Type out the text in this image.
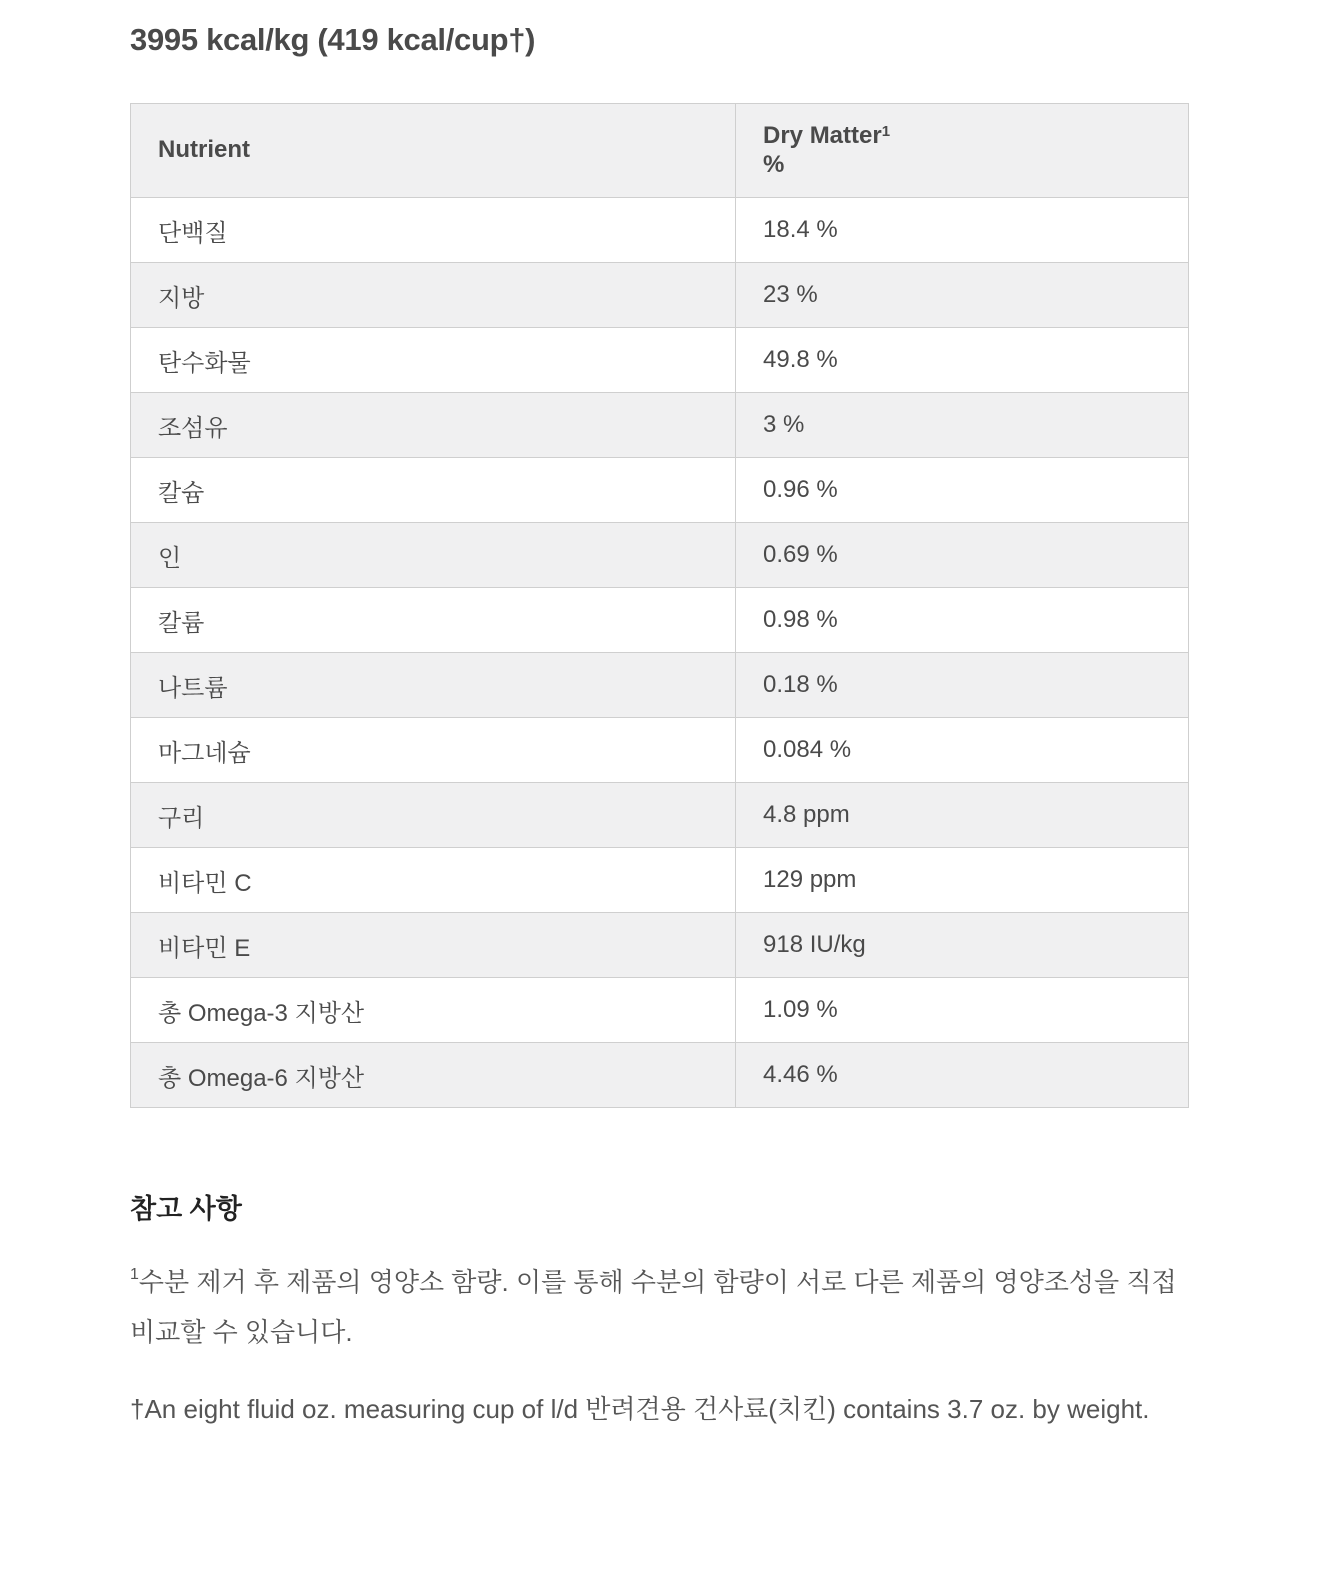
3995 kcal/kg (419 kcal/cup†)
Nutrient	Dry Matter$^1$
%
단백질	18.4 %
지방	23 %
탄수화물	49.8 %
조섬유	3 %
칼슘	0.96 %
인	0.69 %
칼륨	0.98 %
나트륨	0.18 %
마그네슘	0.084 %
구리	4.8 ppm
비타민 C	129 ppm
비타민 E	918 IU/kg
총 Omega-3 지방산	1.09 %
총 Omega-6 지방산	4.46 %
참고 사항

$^1$수분 제거 후 제품의 영양소 함량. 이를 통해 수분의 함량이 서로 다른 제품의 영양조성을 직접 비교할 수 있습니다.

†An eight fluid oz. measuring cup of l/d 반려견용 건사료(치킨) contains 3.7 oz. by weight.
